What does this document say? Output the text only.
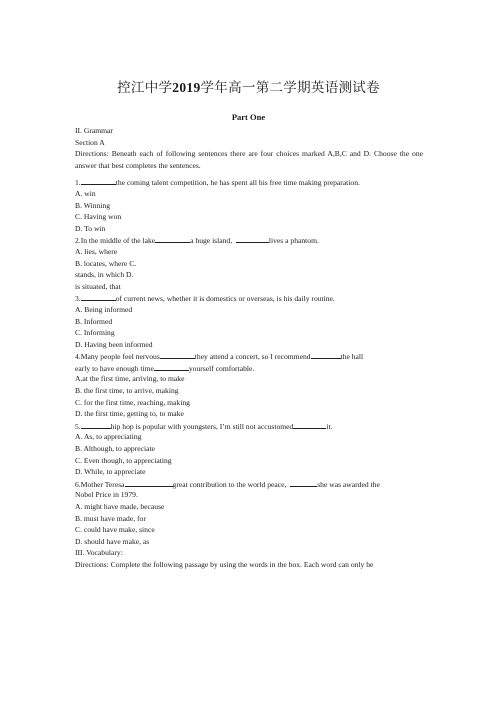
控江中学2019学年高一第二学期英语测试卷
Part One
II. Grammar
Section A
Directions: Beneath each of following sentences there are four choices marked A,B,C and D. Choose the one answer that best completes the sentences.
1.	the coming talent competition, he has spent all his free time making preparation.
A. win
B. Winning
C. Having won
D. To win
2.In the middle of the lake	a huge island,	lives a phantom.
A. lies, where
B. locates, where C.
stands, in which D.
is situated, that
3.	of current news, whether it is domestics or overseas, is his daily routine.
A. Being informed
B. Informed
C. Informing
D. Having been informed
4.Many people feel nervous	they attend a concert, so I recommend	the hall
early to have enough time	yourself comfortable.
A.at the first time, arriving, to make
B. the first time, to arrive, making
C. for the first time, reaching, making
D. the first time, getting to, to make
5.	hip hop is popular with youngsters, I’m still not accustomed	it.
A. As, to appreciating
B. Although, to appreciate
C. Even though, to appreciating
D. While, to appreciate
6.Mother Teresa	great contribution to the world peace,	she was awarded the
Nobel Price in 1979.
A. might have made, because
B. must have made, for
C. could have make, since
D. should have make, as
III. Vocabulary:
Directions: Complete the following passage by using the words in the box. Each word can only be
